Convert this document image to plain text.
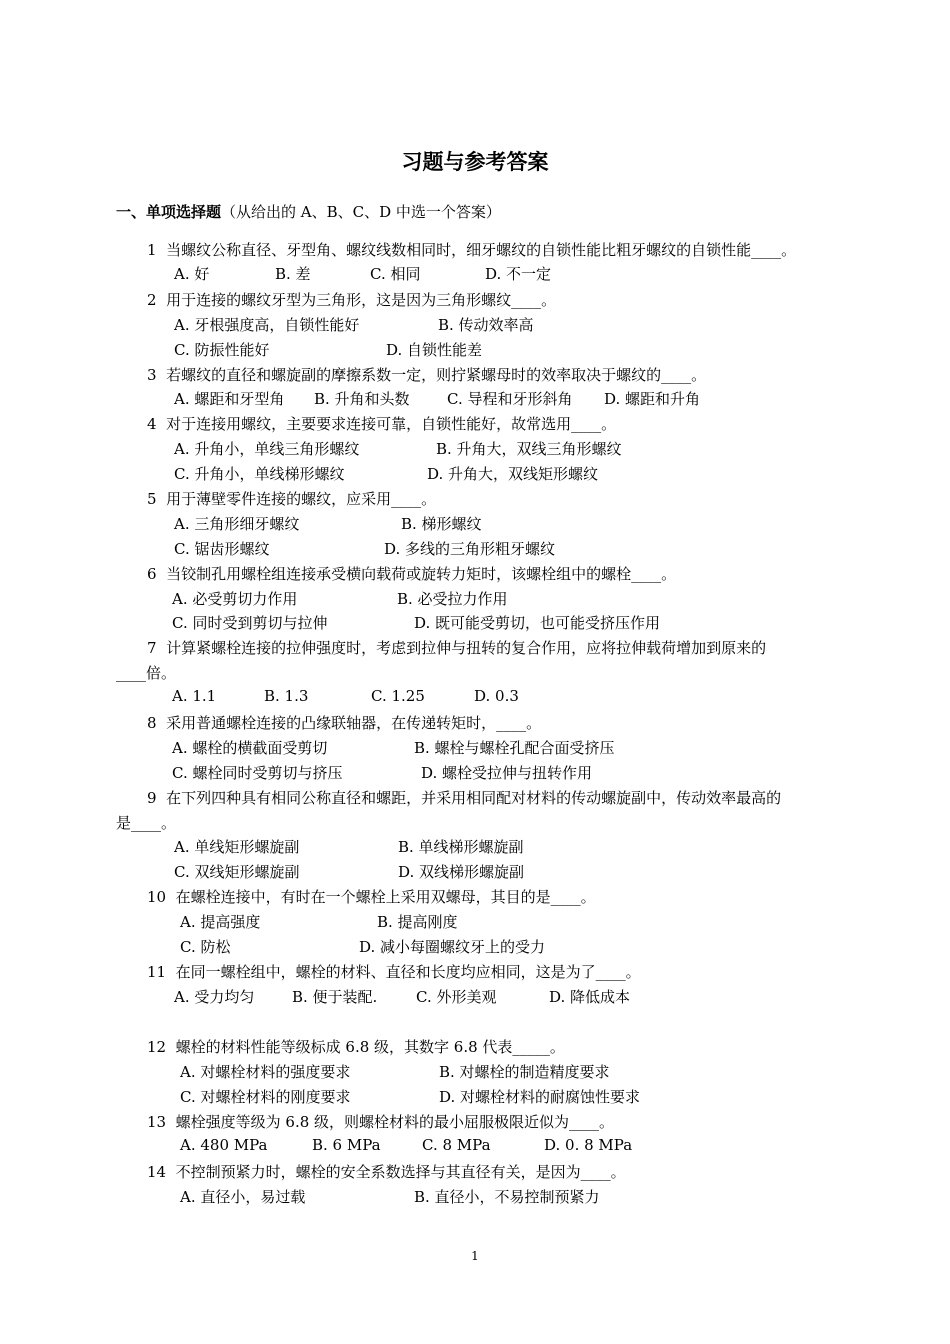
习题与参考答案
一、单项选择题（从给出的 A、B、C、D 中选一个答案）
1 当螺纹公称直径、牙型角、螺纹线数相同时，细牙螺纹的自锁性能比粗牙螺纹的自锁性能____。
A. 好	B. 差	C. 相同	D. 不一定
2 用于连接的螺纹牙型为三角形，这是因为三角形螺纹____。
A. 牙根强度高，自锁性能好	B. 传动效率高
C. 防振性能好	D. 自锁性能差
3 若螺纹的直径和螺旋副的摩擦系数一定，则拧紧螺母时的效率取决于螺纹的____。
A. 螺距和牙型角 B. 升角和头数 C. 导程和牙形斜角 D. 螺距和升角
4 对于连接用螺纹，主要要求连接可靠，自锁性能好，故常选用____。
A. 升角小，单线三角形螺纹	B. 升角大，双线三角形螺纹
C. 升角小，单线梯形螺纹	D. 升角大，双线矩形螺纹
5 用于薄壁零件连接的螺纹，应采用____。
A. 三角形细牙螺纹	B. 梯形螺纹
C. 锯齿形螺纹	D. 多线的三角形粗牙螺纹
6 当铰制孔用螺栓组连接承受横向载荷或旋转力矩时，该螺栓组中的螺栓____。
A. 必受剪切力作用	B. 必受拉力作用
C. 同时受到剪切与拉伸	D. 既可能受剪切，也可能受挤压作用
7 计算紧螺栓连接的拉伸强度时，考虑到拉伸与扭转的复合作用，应将拉伸载荷增加到原来的
____倍。
A. 1.1	B. 1.3	C. 1.25	D. 0.3
8 采用普通螺栓连接的凸缘联轴器，在传递转矩时，____。
A. 螺栓的横截面受剪切	B. 螺栓与螺栓孔配合面受挤压
C. 螺栓同时受剪切与挤压	D. 螺栓受拉伸与扭转作用
9 在下列四种具有相同公称直径和螺距，并采用相同配对材料的传动螺旋副中，传动效率最高的
是____。
A. 单线矩形螺旋副	B. 单线梯形螺旋副
C. 双线矩形螺旋副	D. 双线梯形螺旋副
10 在螺栓连接中，有时在一个螺栓上采用双螺母，其目的是____。
A. 提高强度	B. 提高刚度
C. 防松	D. 减小每圈螺纹牙上的受力
11 在同一螺栓组中，螺栓的材料、直径和长度均应相同，这是为了____。
A. 受力均匀	B. 便于装配.	C. 外形美观	D. 降低成本
12 螺栓的材料性能等级标成 6.8 级，其数字 6.8 代表_____。
A. 对螺栓材料的强度要求	B. 对螺栓的制造精度要求
C. 对螺栓材料的刚度要求	D. 对螺栓材料的耐腐蚀性要求
13 螺栓强度等级为 6.8 级，则螺栓材料的最小屈服极限近似为____。
A. 480 MPa	B. 6 MPa	C. 8 MPa	D. 0. 8 MPa
14 不控制预紧力时，螺栓的安全系数选择与其直径有关，是因为____。
A. 直径小，易过载	B. 直径小，不易控制预紧力
1
